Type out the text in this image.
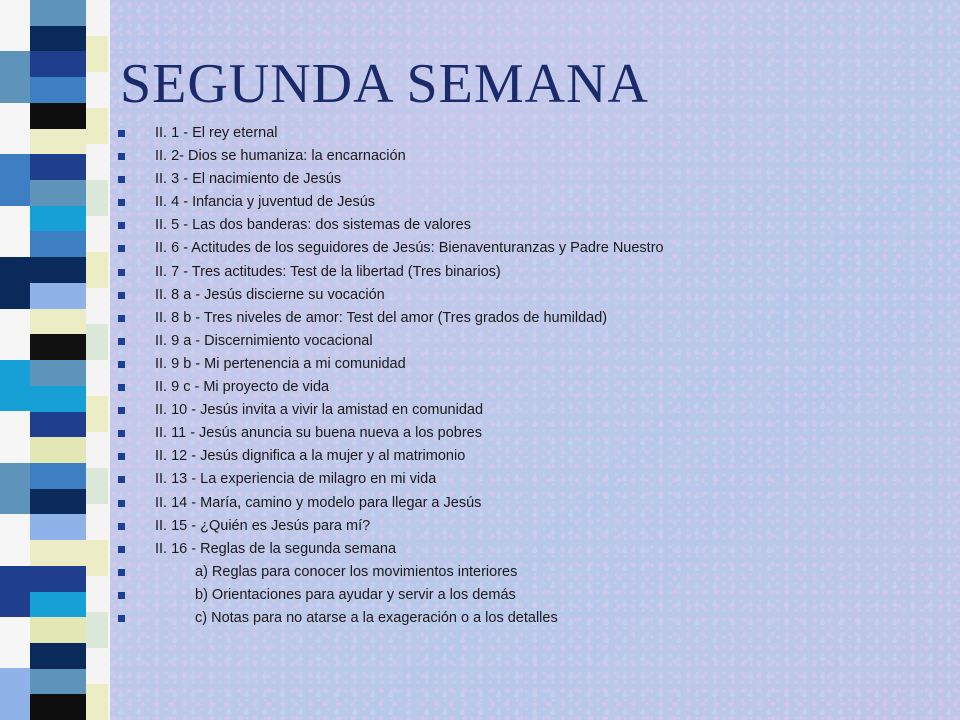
SEGUNDA SEMANA
II. 1 - El rey eternal
II. 2- Dios se humaniza: la encarnación
II. 3 - El nacimiento de Jesús
II. 4 - Infancia y juventud de Jesús
II. 5 - Las dos banderas: dos sistemas de valores
II. 6 - Actitudes de los seguidores de Jesús: Bienaventuranzas y Padre Nuestro
II. 7 - Tres actitudes: Test de la libertad (Tres binarios)
II. 8 a - Jesús discierne su vocación
II. 8 b - Tres niveles de amor: Test del amor (Tres grados de humildad)
II. 9 a - Discernimiento vocacional
II. 9 b - Mi pertenencia a mi comunidad
II. 9 c - Mi proyecto de vida
II. 10 - Jesús invita a vivir la amistad en comunidad
II. 11 - Jesús anuncia su buena nueva a los pobres
II. 12 - Jesús dignifica a la mujer y al matrimonio
II. 13 - La experiencia de milagro en mi vida
II. 14 - María, camino y modelo para llegar a Jesús
II. 15 - ¿Quién es Jesús para mí?
II. 16 - Reglas de la segunda semana
a) Reglas para conocer los movimientos interiores
b) Orientaciones para ayudar y servir a los demás
c) Notas para no atarse a la exageración o a los detalles
